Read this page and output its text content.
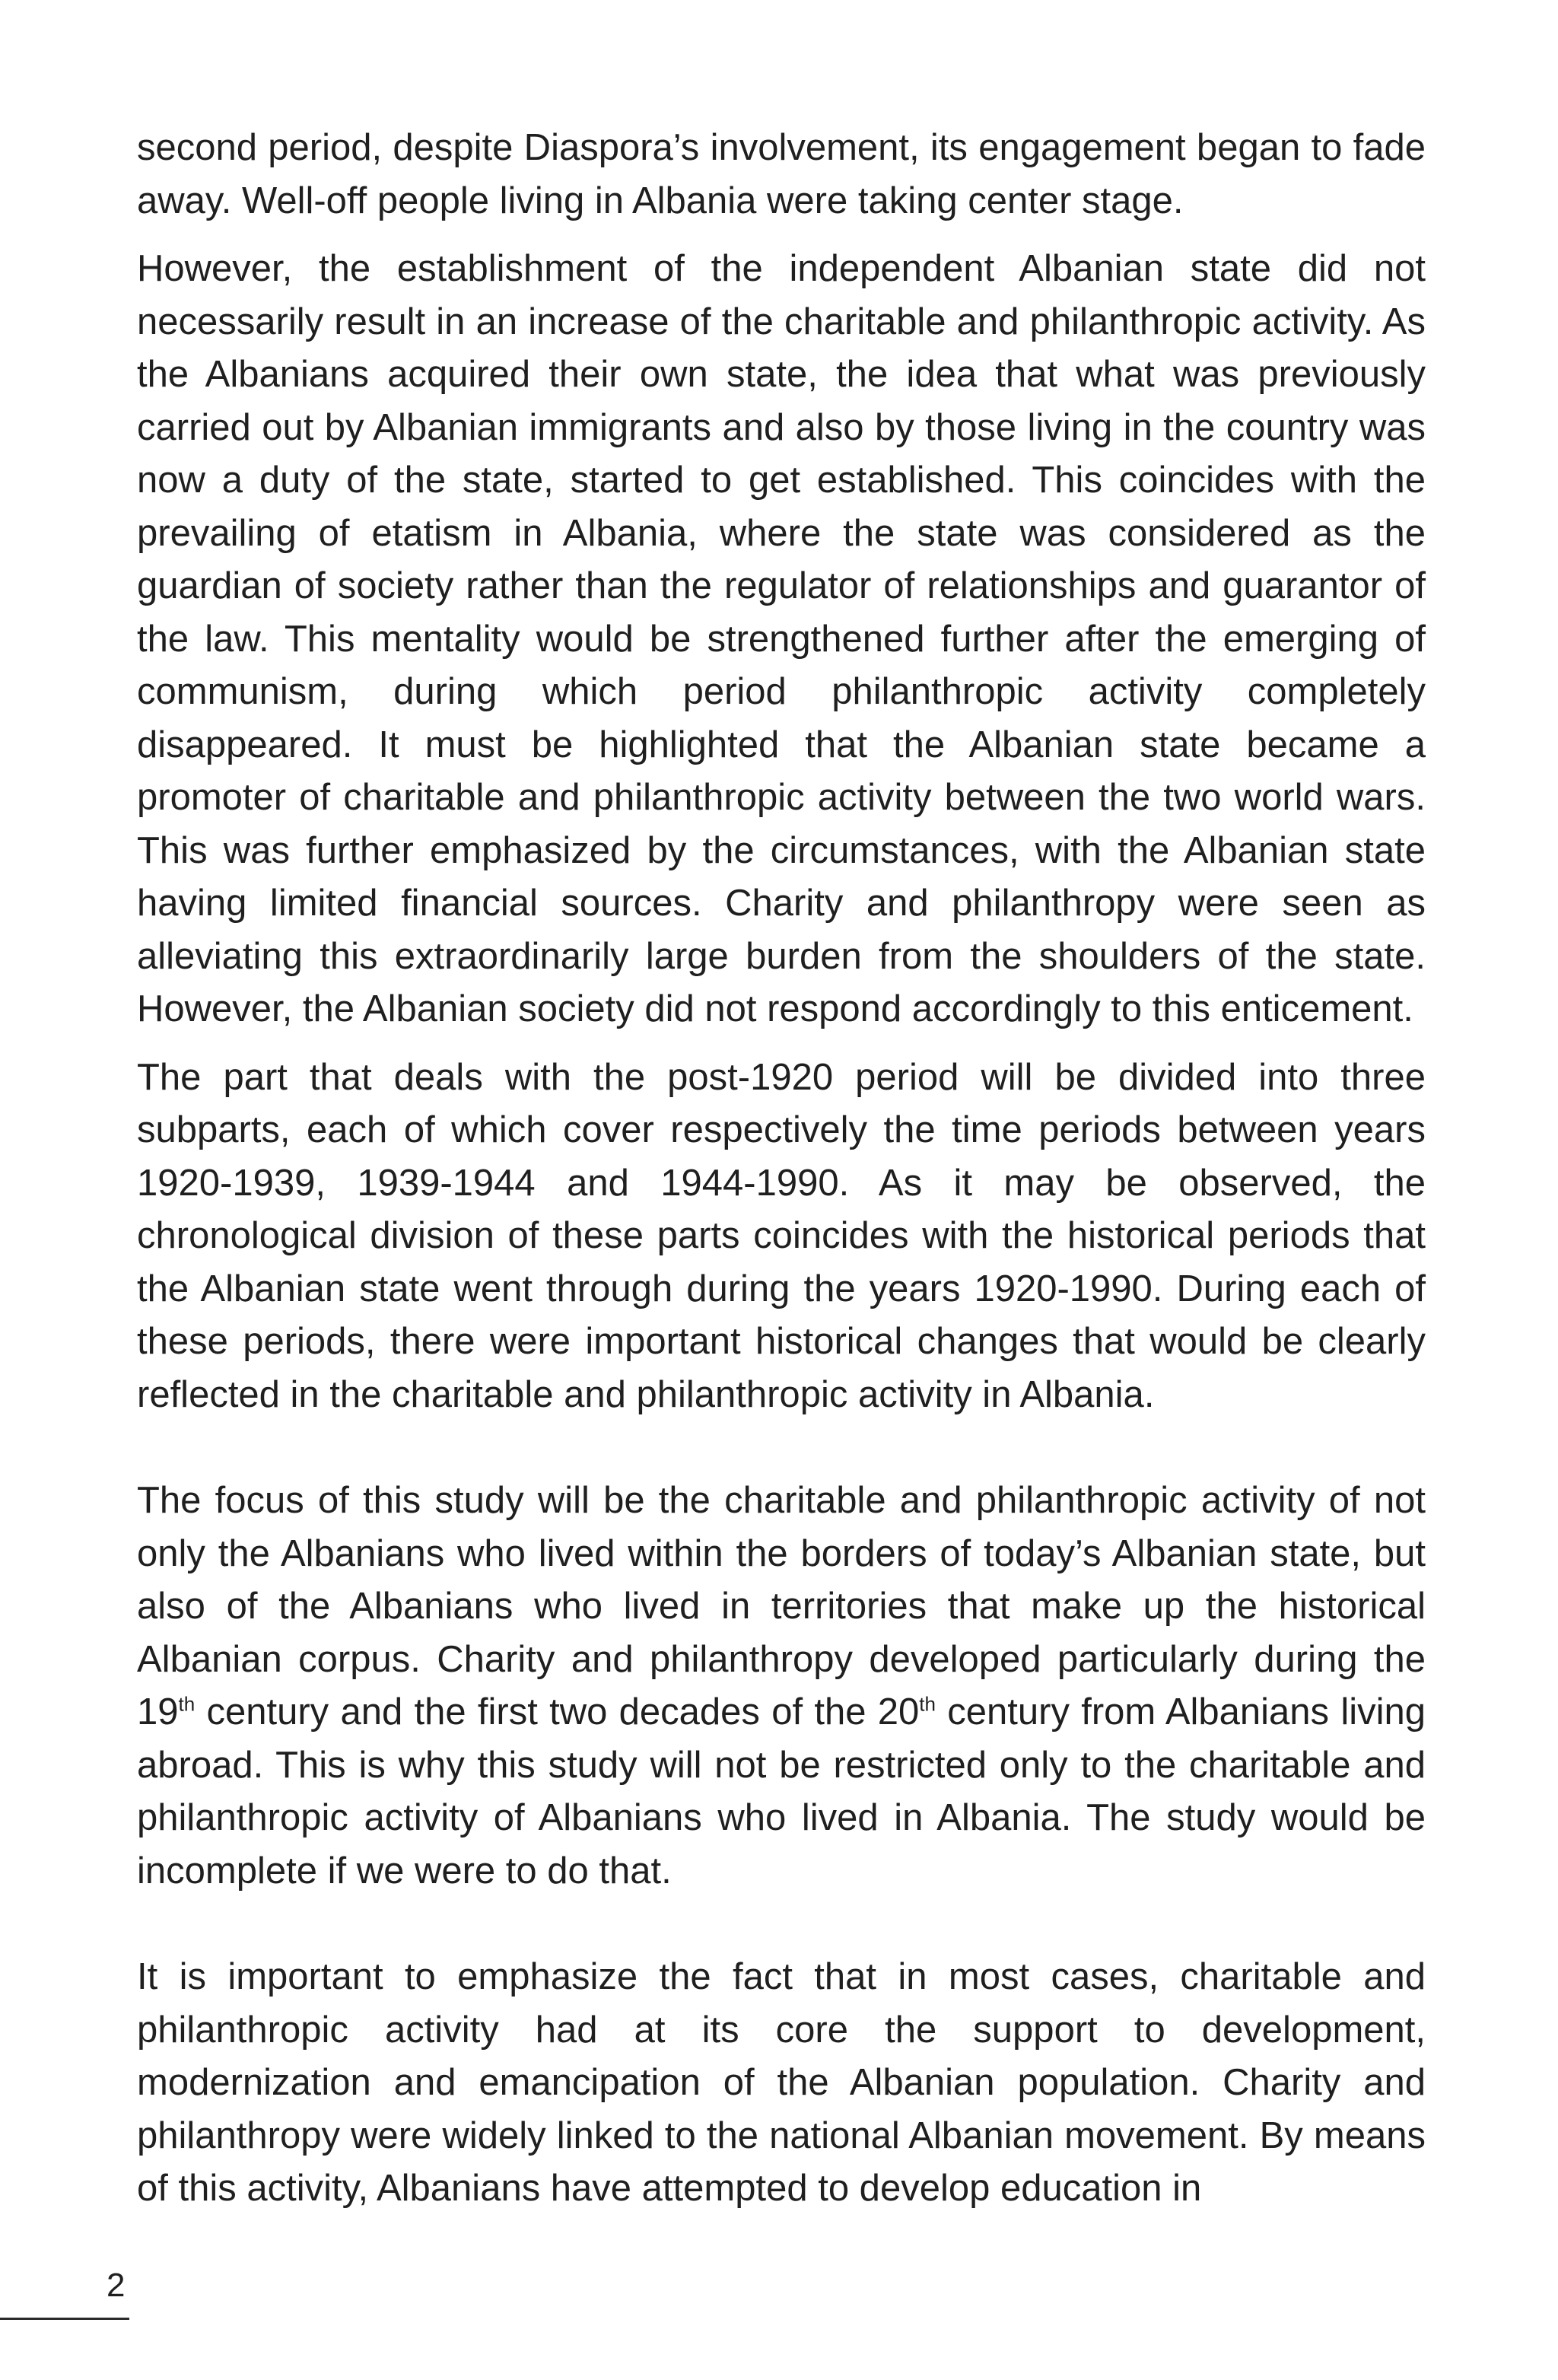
second period, despite Diaspora’s involvement, its engagement began to fade away. Well-off people living in Albania were taking center stage.

However, the establishment of the independent Albanian state did not necessarily result in an increase of the charitable and philanthropic activity. As the Albanians acquired their own state, the idea that what was previously carried out by Albanian immigrants and also by those living in the country was now a duty of the state, started to get established. This coincides with the prevailing of etatism in Albania, where the state was considered as the guardian of society rather than the regulator of relationships and guarantor of the law. This mentality would be strengthened further after the emerging of communism, during which period philanthropic activity completely disappeared. It must be highlighted that the Albanian state became a promoter of charitable and philanthropic activity between the two world wars. This was further emphasized by the circumstances, with the Albanian state having limited financial sources. Charity and philanthropy were seen as alleviating this extraordinarily large burden from the shoulders of the state. However, the Albanian society did not respond accordingly to this enticement.

The part that deals with the post-1920 period will be divided into three subparts, each of which cover respectively the time periods between years 1920-1939, 1939-1944 and 1944-1990. As it may be observed, the chronological division of these parts coincides with the historical periods that the Albanian state went through during the years 1920-1990. During each of these periods, there were important historical changes that would be clearly reflected in the charitable and philanthropic activity in Albania.

The focus of this study will be the charitable and philanthropic activity of not only the Albanians who lived within the borders of today’s Albanian state, but also of the Albanians who lived in territories that make up the historical Albanian corpus. Charity and philanthropy developed particularly during the 19th century and the first two decades of the 20th century from Albanians living abroad. This is why this study will not be restricted only to the charitable and philanthropic activity of Albanians who lived in Albania. The study would be incomplete if we were to do that.

It is important to emphasize the fact that in most cases, charitable and philanthropic activity had at its core the support to development, modernization and emancipation of the Albanian population. Charity and philanthropy were widely linked to the national Albanian movement. By means of this activity, Albanians have attempted to develop education in

2
